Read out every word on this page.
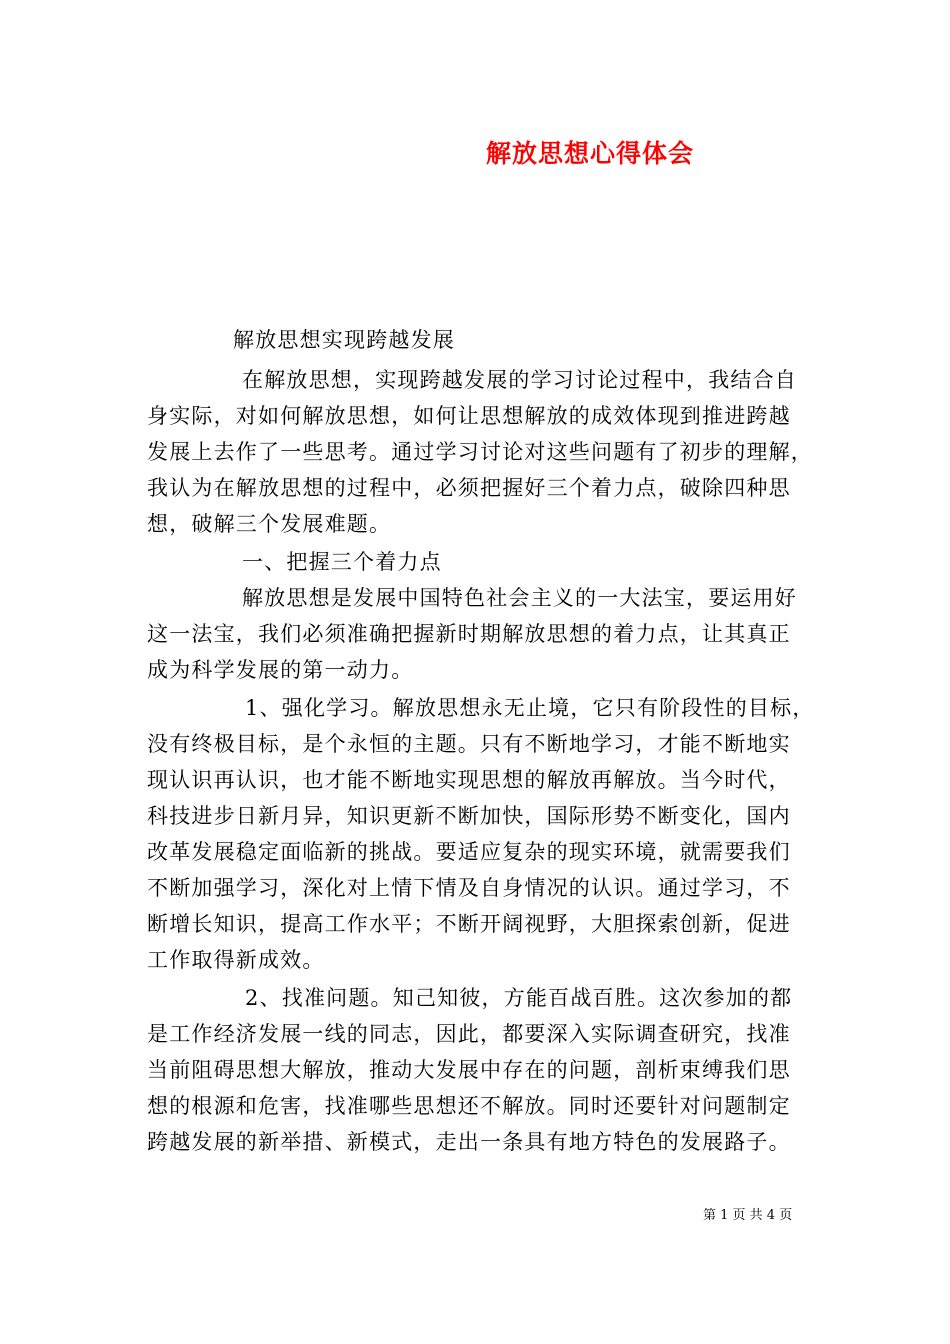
解放思想心得体会
解放思想实现跨越发展
在解放思想，实现跨越发展的学习讨论过程中，我结合自
身实际，对如何解放思想，如何让思想解放的成效体现到推进跨越
发展上去作了一些思考。通过学习讨论对这些问题有了初步的理解，
我认为在解放思想的过程中，必须把握好三个着力点，破除四种思
想，破解三个发展难题。
一、把握三个着力点
解放思想是发展中国特色社会主义的一大法宝，要运用好
这一法宝，我们必须准确把握新时期解放思想的着力点，让其真正
成为科学发展的第一动力。
1、强化学习。解放思想永无止境，它只有阶段性的目标，
没有终极目标，是个永恒的主题。只有不断地学习，才能不断地实
现认识再认识，也才能不断地实现思想的解放再解放。当今时代，
科技进步日新月异，知识更新不断加快，国际形势不断变化，国内
改革发展稳定面临新的挑战。要适应复杂的现实环境，就需要我们
不断加强学习，深化对上情下情及自身情况的认识。通过学习，不
断增长知识，提高工作水平；不断开阔视野，大胆探索创新，促进
工作取得新成效。
2、找准问题。知己知彼，方能百战百胜。这次参加的都
是工作经济发展一线的同志，因此，都要深入实际调查研究，找准
当前阻碍思想大解放，推动大发展中存在的问题，剖析束缚我们思
想的根源和危害，找准哪些思想还不解放。同时还要针对问题制定
跨越发展的新举措、新模式，走出一条具有地方特色的发展路子。
第 1 页 共 4 页
